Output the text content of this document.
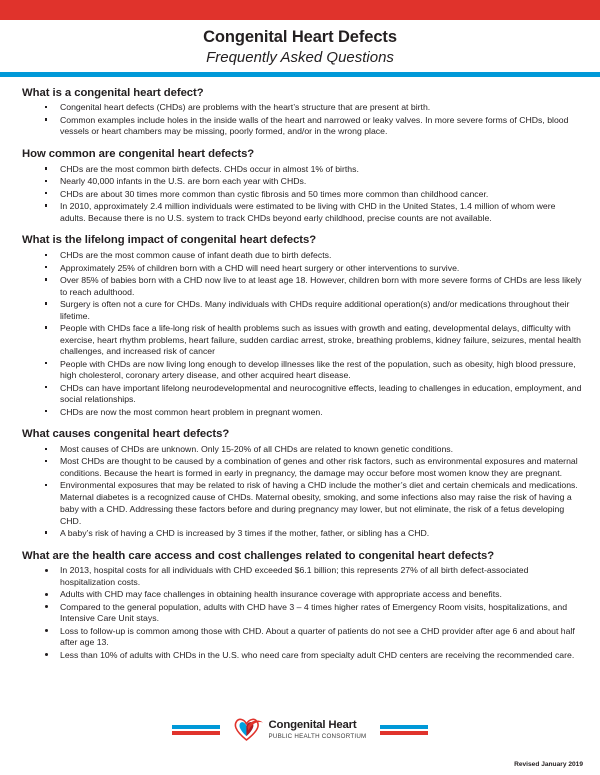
Congenital Heart Defects
Frequently Asked Questions
What is a congenital heart defect?
Congenital heart defects (CHDs) are problems with the heart’s structure that are present at birth.
Common examples include holes in the inside walls of the heart and narrowed or leaky valves. In more severe forms of CHDs, blood vessels or heart chambers may be missing, poorly formed, and/or in the wrong place.
How common are congenital heart defects?
CHDs are the most common birth defects. CHDs occur in almost 1% of births.
Nearly 40,000 infants in the U.S. are born each year with CHDs.
CHDs are about 30 times more common than cystic fibrosis and 50 times more common than childhood cancer.
In 2010, approximately 2.4 million individuals were estimated to be living with CHD in the United States, 1.4 million of whom were adults. Because there is no U.S. system to track CHDs beyond early childhood, precise counts are not available.
What is the lifelong impact of congenital heart defects?
CHDs are the most common cause of infant death due to birth defects.
Approximately 25% of children born with a CHD will need heart surgery or other interventions to survive.
Over 85% of babies born with a CHD now live to at least age 18. However, children born with more severe forms of CHDs are less likely to reach adulthood.
Surgery is often not a cure for CHDs. Many individuals with CHDs require additional operation(s) and/or medications throughout their lifetime.
People with CHDs face a life-long risk of health problems such as issues with growth and eating, developmental delays, difficulty with exercise, heart rhythm problems, heart failure, sudden cardiac arrest, stroke, breathing problems, kidney failure, seizures, mental health challenges, and increased risk of cancer
People with CHDs are now living long enough to develop illnesses like the rest of the population, such as obesity, high blood pressure, high cholesterol, coronary artery disease, and other acquired heart disease.
CHDs can have important lifelong neurodevelopmental and neurocognitive effects, leading to challenges in education, employment, and social relationships.
CHDs are now the most common heart problem in pregnant women.
What causes congenital heart defects?
Most causes of CHDs are unknown. Only 15-20% of all CHDs are related to known genetic conditions.
Most CHDs are thought to be caused by a combination of genes and other risk factors, such as environmental exposures and maternal conditions. Because the heart is formed in early in pregnancy, the damage may occur before most women know they are pregnant.
Environmental exposures that may be related to risk of having a CHD include the mother’s diet and certain chemicals and medications. Maternal diabetes is a recognized cause of CHDs. Maternal obesity, smoking, and some infections also may raise the risk of having a baby with a CHD. Addressing these factors before and during pregnancy may lower, but not eliminate, the risk of a fetus developing CHD.
A baby’s risk of having a CHD is increased by 3 times if the mother, father, or sibling has a CHD.
What are the health care access and cost challenges related to congenital heart defects?
In 2013, hospital costs for all individuals with CHD exceeded $6.1 billion; this represents 27% of all birth defect-associated hospitalization costs.
Adults with CHD may face challenges in obtaining health insurance coverage with appropriate access and benefits.
Compared to the general population, adults with CHD have 3 – 4 times higher rates of Emergency Room visits, hospitalizations, and Intensive Care Unit stays.
Loss to follow-up is common among those with CHD. About a quarter of patients do not see a CHD provider after age 6 and about half after age 13.
Less than 10% of adults with CHDs in the U.S. who need care from specialty adult CHD centers are receiving the recommended care.
Congenital Heart
PUBLIC HEALTH CONSORTIUM
Revised January 2019
